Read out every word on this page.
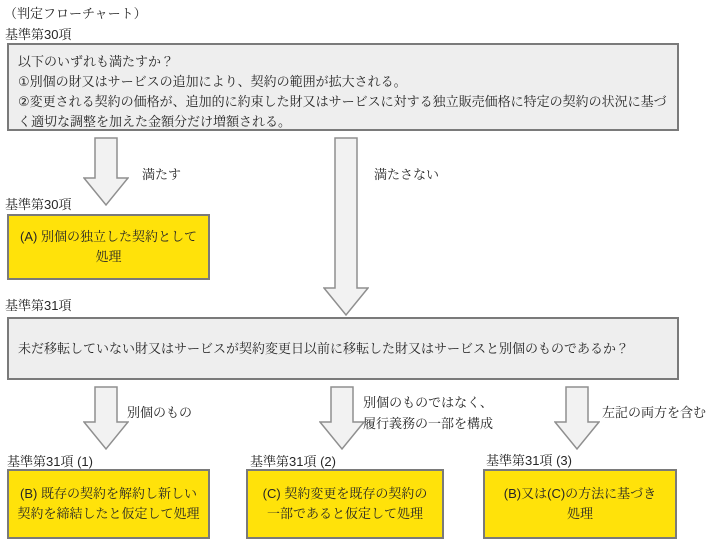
（判定フローチャート）
基準第30項
以下のいずれも満たすか？
①別個の財又はサービスの追加により、契約の範囲が拡大される。
②変更される契約の価格が、追加的に約束した財又はサービスに対する独立販売価格に特定の契約の状況に基づ
く適切な調整を加えた金額分だけ増額される。
満たす	満たさない
基準第30項
(A) 別個の独立した契約として
処理
基準第31項
未だ移転していない財又はサービスが契約変更日以前に移転した財又はサービスと別個のものであるか？
別個のもの
別個のものではなく、
履行義務の一部を構成
左記の両方を含む
基準第31項 (1)	基準第31項 (2)	基準第31項 (3)
(B) 既存の契約を解約し新しい
契約を締結したと仮定して処理
(C) 契約変更を既存の契約の
一部であると仮定して処理
(B)又は(C)の方法に基づき
処理
